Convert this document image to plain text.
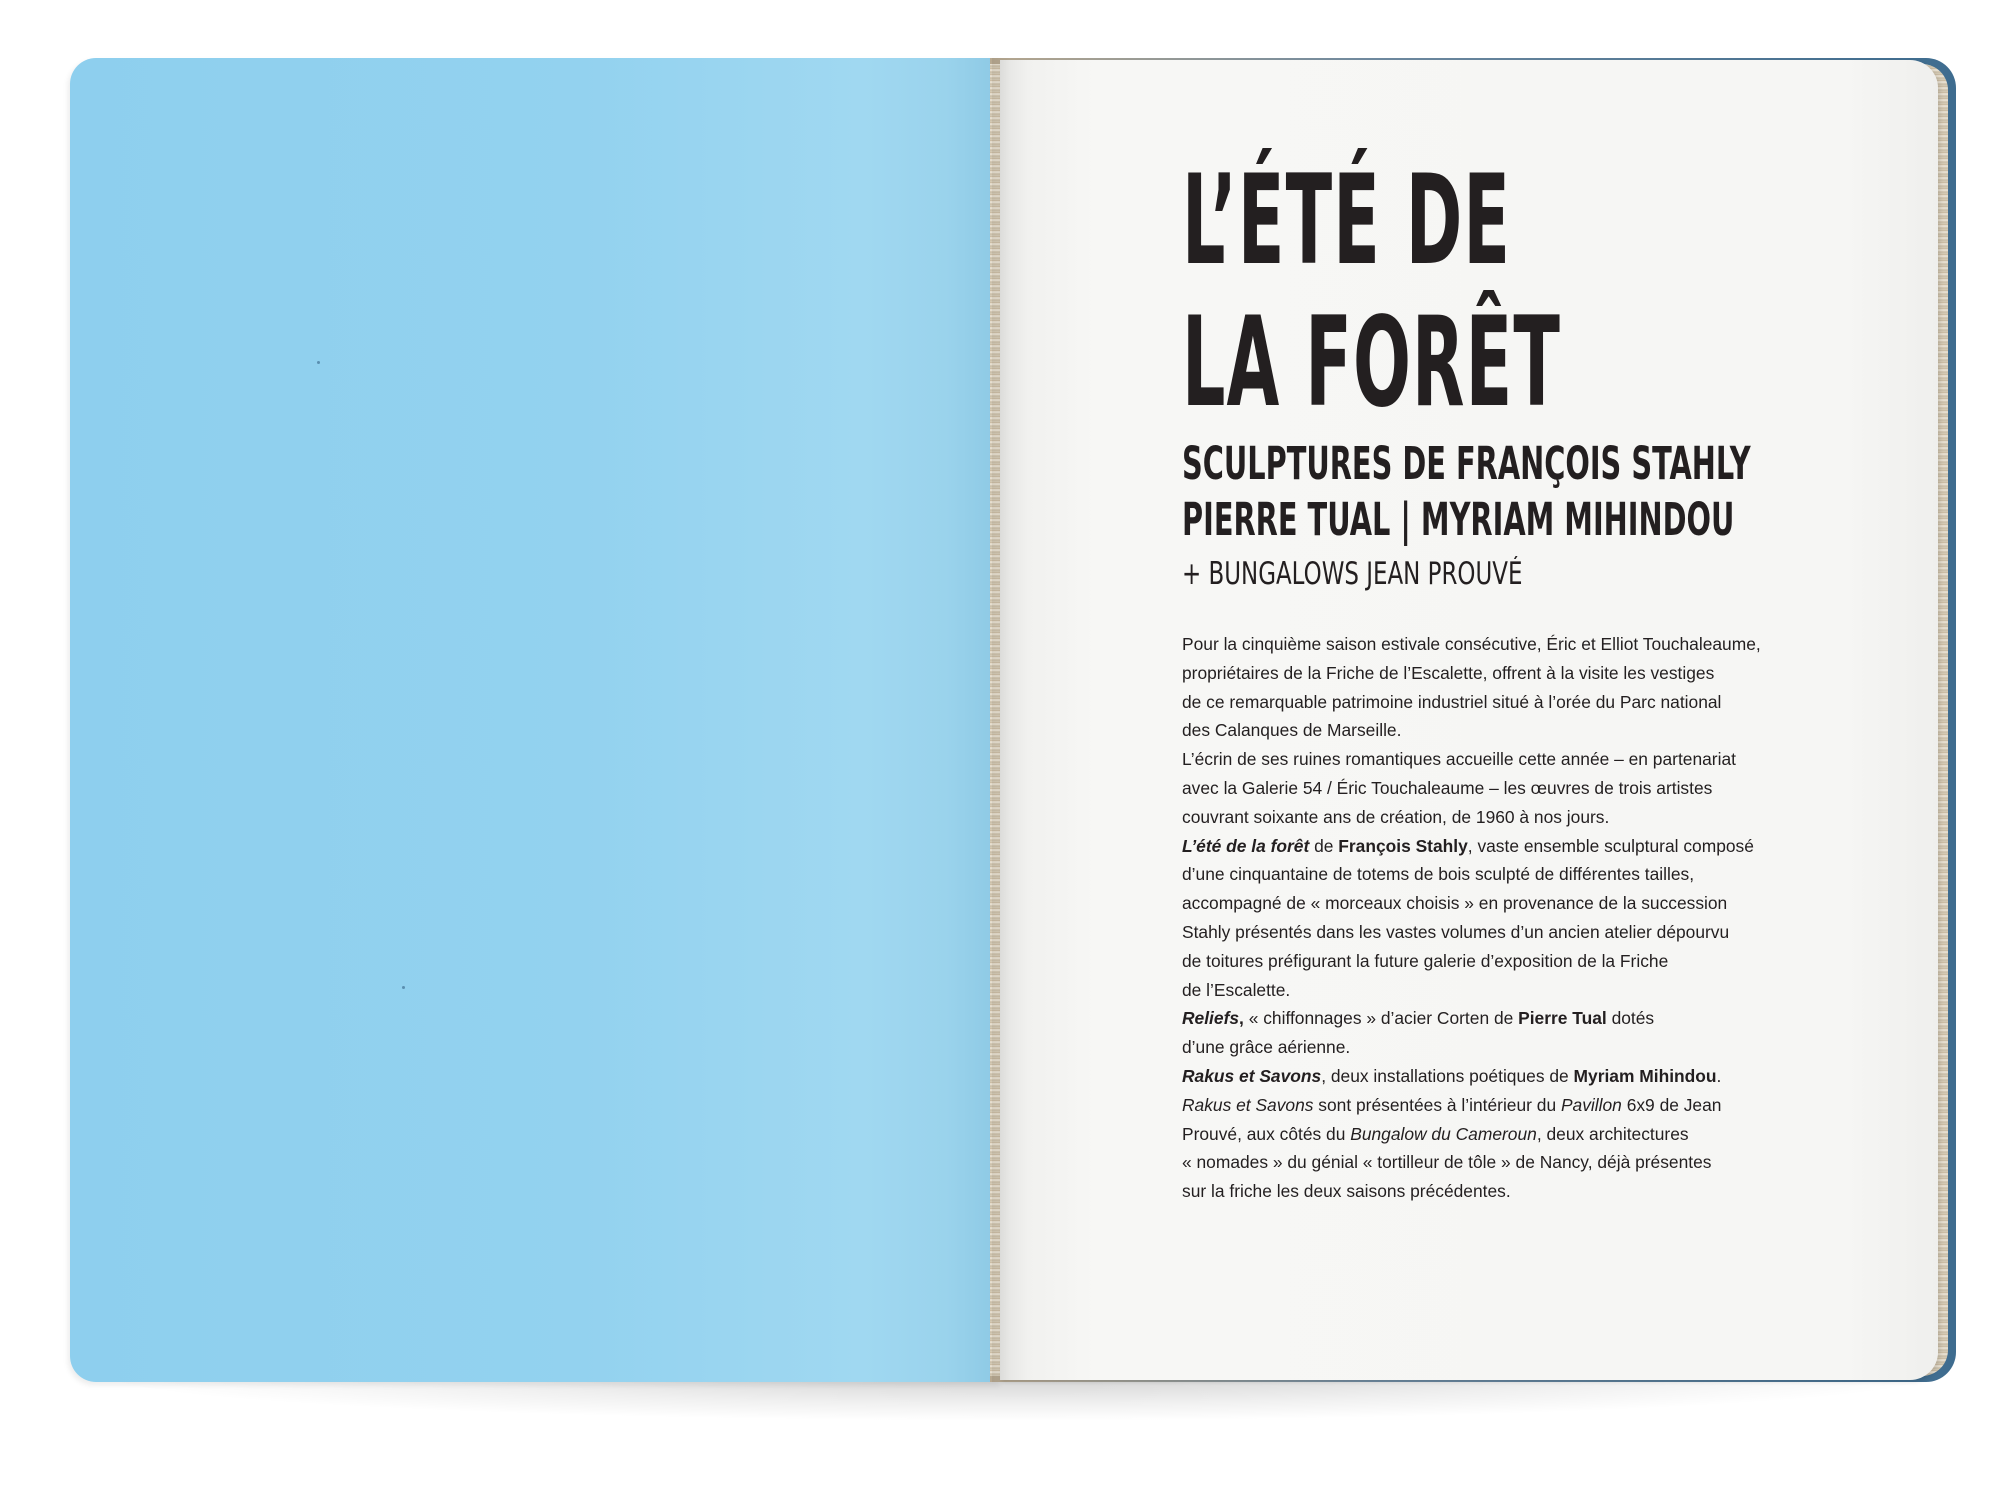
L’ÉTÉ DE
LA FORÊT
SCULPTURES DE FRANÇOIS STAHLY
PIERRE TUAL | MYRIAM MIHINDOU
+ BUNGALOWS JEAN PROUVÉ
Pour la cinquième saison estivale consécutive, Éric et Elliot Touchaleaume,
propriétaires de la Friche de l’Escalette, offrent à la visite les vestiges
de ce remarquable patrimoine industriel situé à l’orée du Parc national
des Calanques de Marseille.
L’écrin de ses ruines romantiques accueille cette année – en partenariat
avec la Galerie 54 / Éric Touchaleaume – les œuvres de trois artistes
couvrant soixante ans de création, de 1960 à nos jours.
L’été de la forêt de François Stahly, vaste ensemble sculptural composé
d’une cinquantaine de totems de bois sculpté de différentes tailles,
accompagné de « morceaux choisis » en provenance de la succession
Stahly présentés dans les vastes volumes d’un ancien atelier dépourvu
de toitures préfigurant la future galerie d’exposition de la Friche
de l’Escalette.
Reliefs, « chiffonnages » d’acier Corten de Pierre Tual dotés
d’une grâce aérienne.
Rakus et Savons, deux installations poétiques de Myriam Mihindou.
Rakus et Savons sont présentées à l’intérieur du Pavillon 6x9 de Jean
Prouvé, aux côtés du Bungalow du Cameroun, deux architectures
« nomades » du génial « tortilleur de tôle » de Nancy, déjà présentes
sur la friche les deux saisons précédentes.
